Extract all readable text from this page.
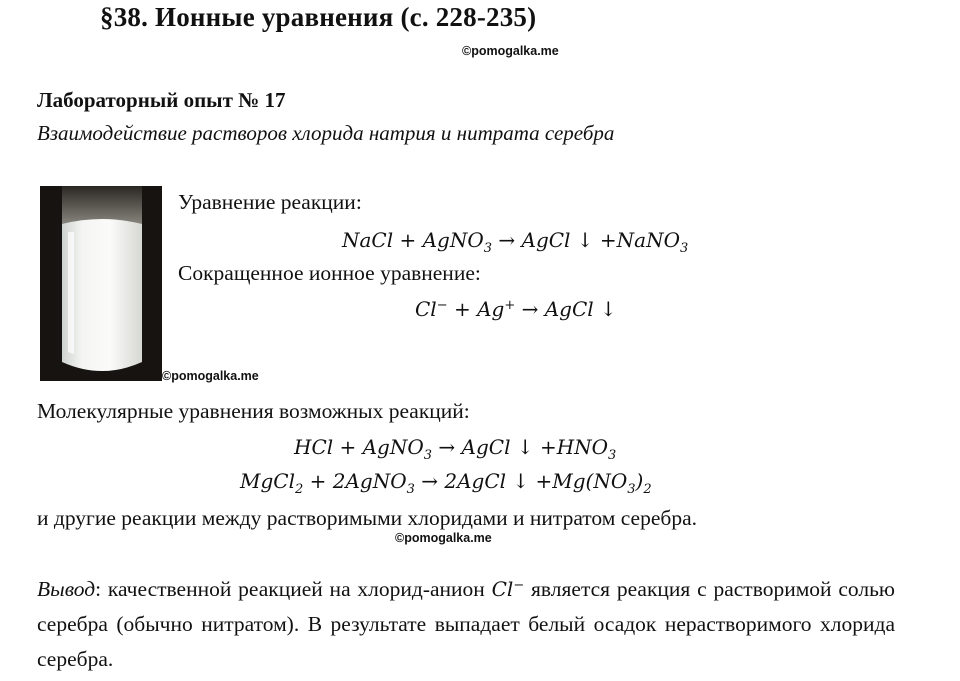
§38. Ионные уравнения (с. 228-235)
©pomogalka.me
Лабораторный опыт № 17
Взаимодействие растворов хлорида натрия и нитрата серебра
©pomogalka.me
Уравнение реакции:
NaCl + AgNO$_3$ → AgCl ↓ +NaNO$_3$
Сокращенное ионное уравнение:
Cl− + Ag+ → AgCl ↓
Молекулярные уравнения возможных реакций:
HCl + AgNO$_3$ → AgCl ↓ $+HNO_3$
MgCl$_2$ + 2AgNO$_3$ → 2AgCl ↓ $+Mg(NO_3)_2$
и другие реакции между растворимыми хлоридами и нитратом серебра.
©pomogalka.me
Вывод: качественной реакцией на хлорид-анион Cl− является реакция с растворимой солью серебра (обычно нитратом). В результате выпадает белый осадок нерастворимого хлорида серебра.
